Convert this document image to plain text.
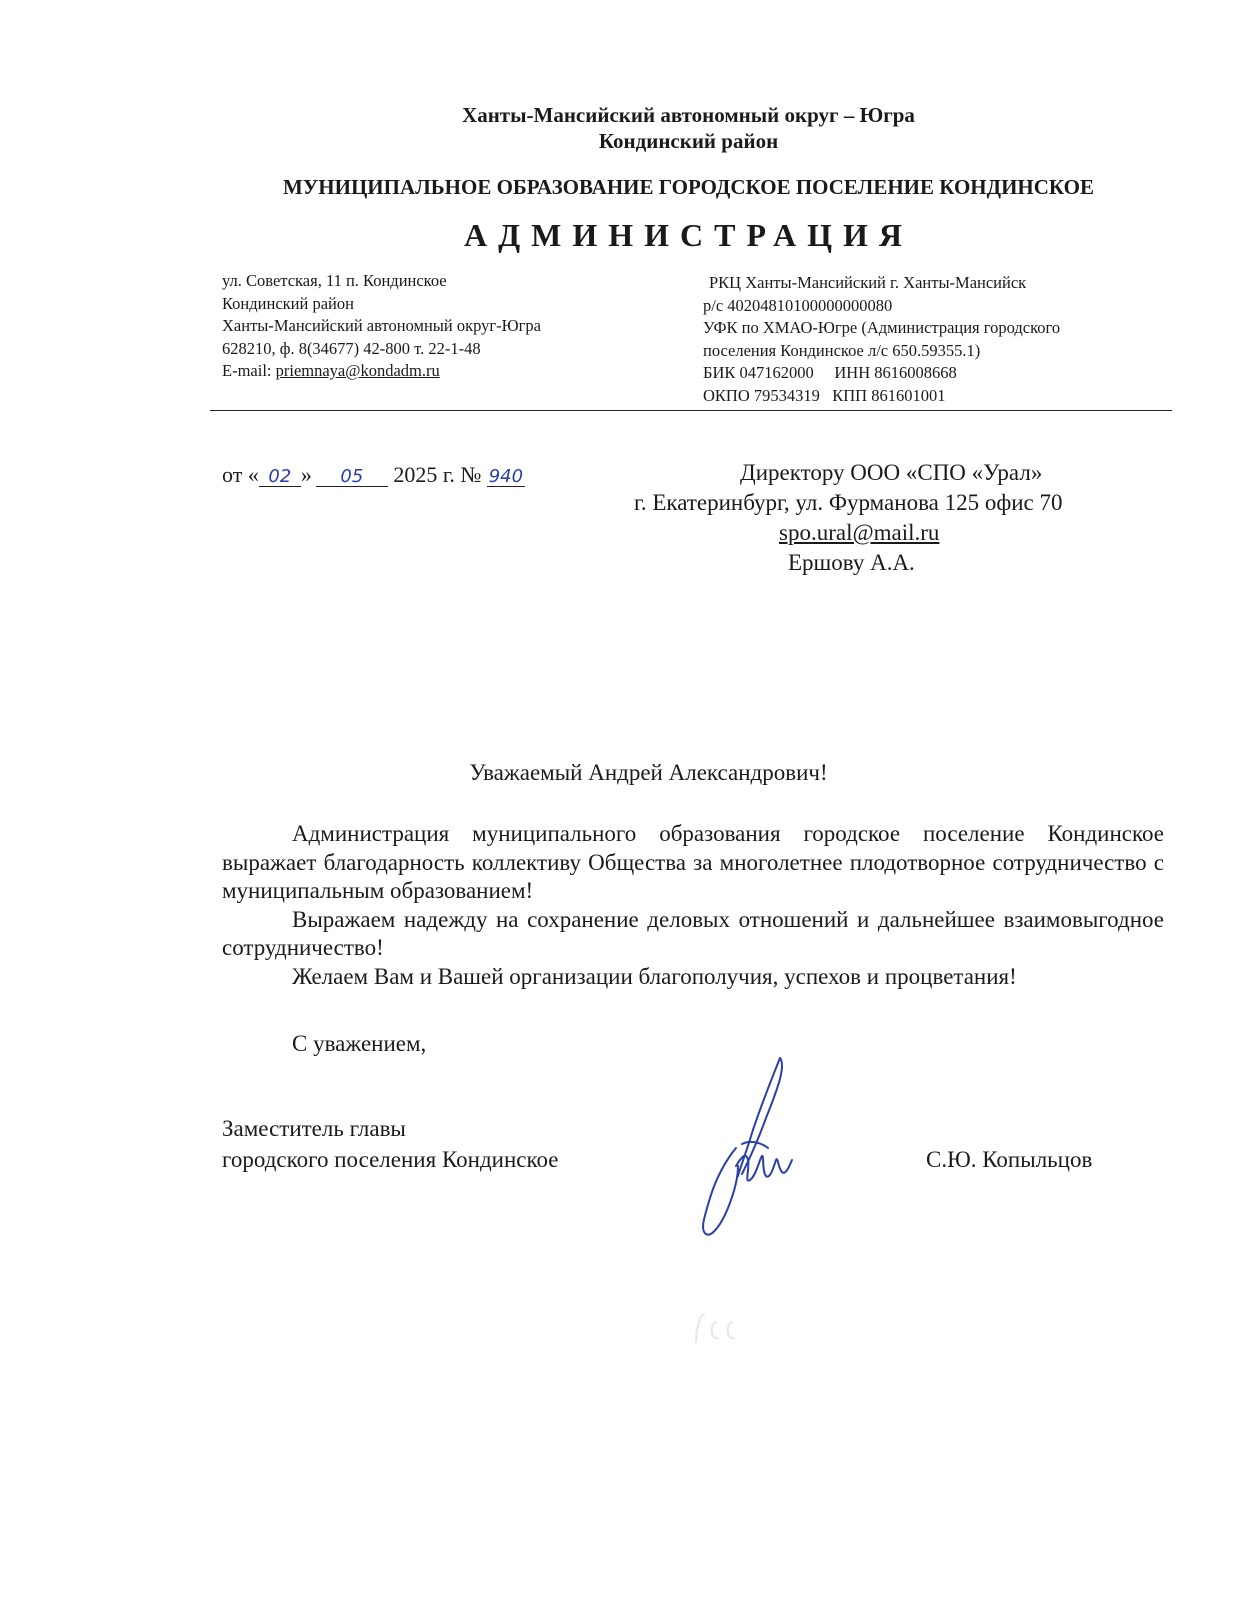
Ханты-Мансийский автономный округ – Югра
Кондинский район
МУНИЦИПАЛЬНОЕ ОБРАЗОВАНИЕ ГОРОДСКОЕ ПОСЕЛЕНИЕ КОНДИНСКОЕ
АДМИНИСТРАЦИЯ
ул. Советская, 11 п. Кондинское
Кондинский район
Ханты-Мансийский автономный округ-Югра
628210, ф. 8(34677) 42-800 т. 22-1-48
E-mail: priemnaya@kondadm.ru
РКЦ Ханты-Мансийский г. Ханты-Мансийск
р/с 40204810100000000080
УФК по ХМАО-Югре (Администрация городского
поселения Кондинское л/с 650.59355.1)
БИК 047162000     ИНН 8616008668
ОКПО 79534319   КПП 861601001
от « 02 » 05 2025 г. № 940	Директору ООО «СПО «Урал»
г. Екатеринбург, ул. Фурманова 125 офис 70
spo.ural@mail.ru
Ершову А.А.
Уважаемый Андрей Александрович!

Администрация муниципального образования городское поселение Кондинское выражает благодарность коллективу Общества за многолетнее плодотворное сотрудничество с муниципальным образованием!

Выражаем надежду на сохранение деловых отношений и дальнейшее взаимовыгодное сотрудничество!

Желаем Вам и Вашей организации благополучия, успехов и процветания!

С уважением,
Заместитель главы
городского поселения Кондинское	С.Ю. Копыльцов
